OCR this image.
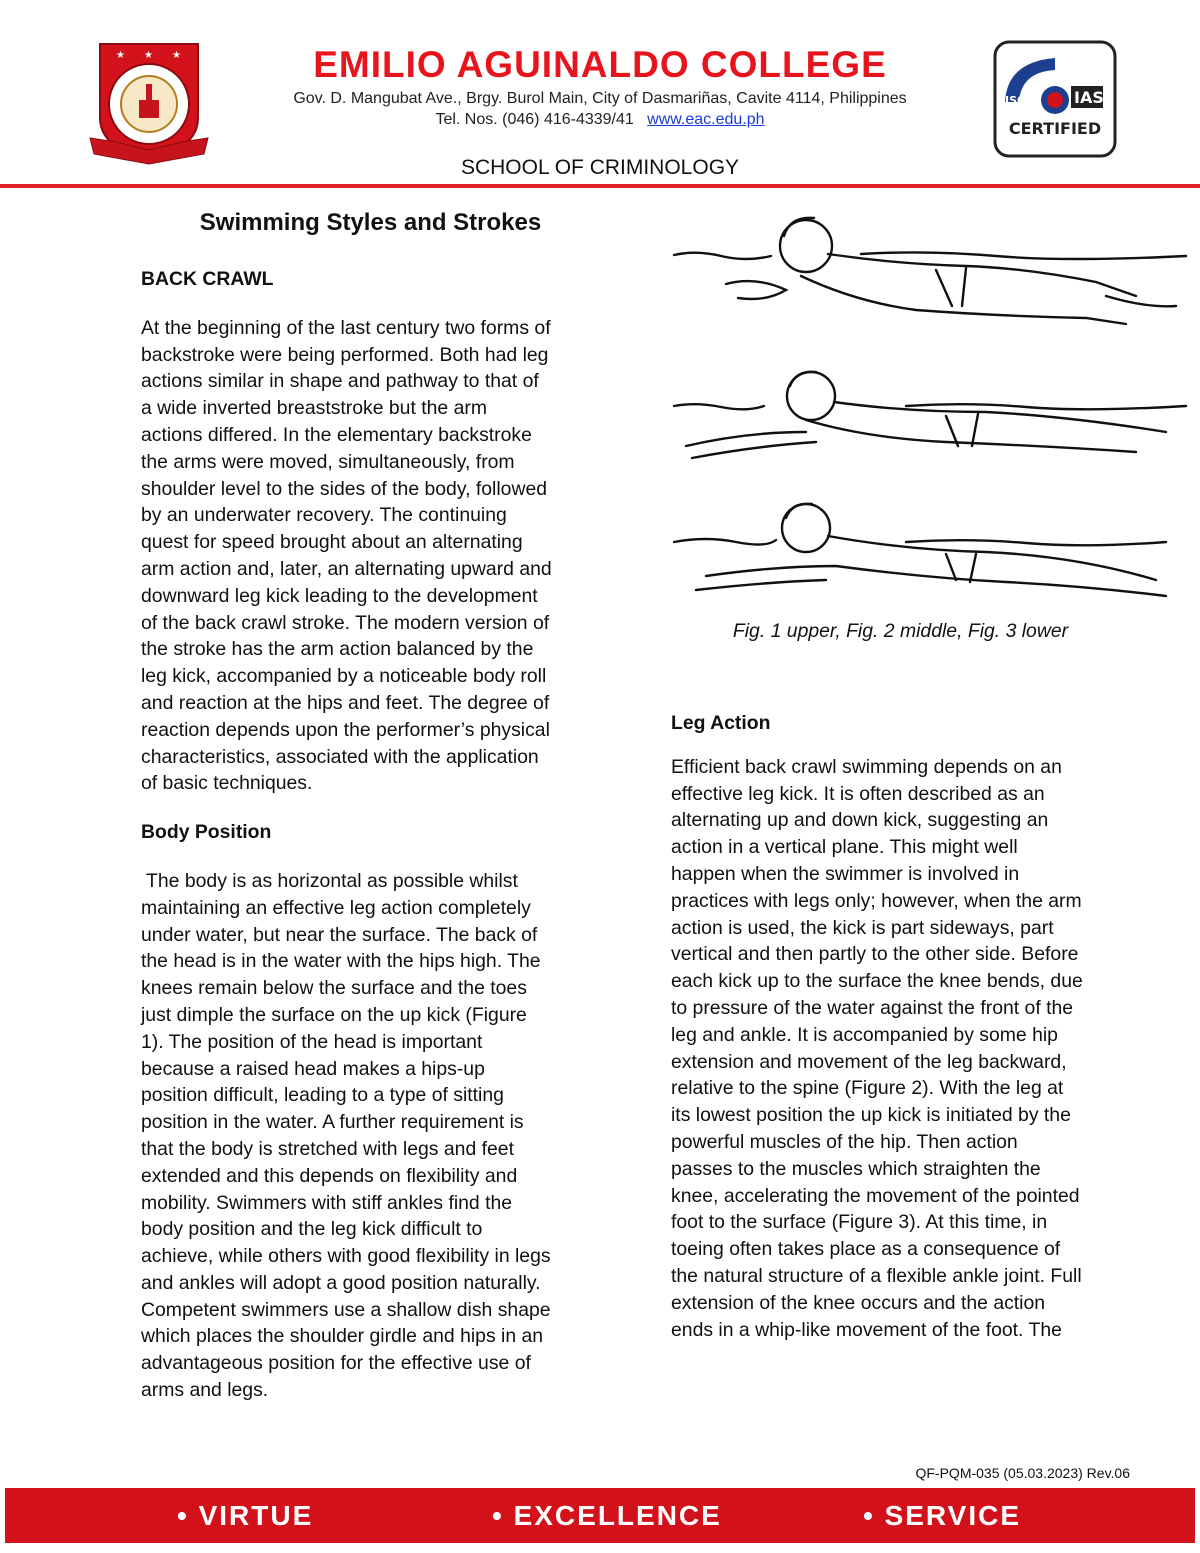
★ ★ ★	EMILIO AGUINALDO COLLEGE
Gov. D. Mangubat Ave., Brgy. Burol Main, City of Dasmariñas, Cavite 4114, Philippines
Tel. Nos. (046) 416-4339/41 www.eac.edu.ph
ISO	IAS
CERTIFIED
SCHOOL OF CRIMINOLOGY
Swimming Styles and Strokes

BACK CRAWL

At the beginning of the last century two forms of
backstroke were being performed. Both had leg
actions similar in shape and pathway to that of
a wide inverted breaststroke but the arm
actions differed. In the elementary backstroke
the arms were moved, simultaneously, from
shoulder level to the sides of the body, followed
by an underwater recovery. The continuing
quest for speed brought about an alternating
arm action and, later, an alternating upward and
downward leg kick leading to the development
of the back crawl stroke. The modern version of
the stroke has the arm action balanced by the
leg kick, accompanied by a noticeable body roll
and reaction at the hips and feet. The degree of
reaction depends upon the performer’s physical
characteristics, associated with the application
of basic techniques.

Body Position

The body is as horizontal as possible whilst
maintaining an effective leg action completely
under water, but near the surface. The back of
the head is in the water with the hips high. The
knees remain below the surface and the toes
just dimple the surface on the up kick (Figure
1). The position of the head is important
because a raised head makes a hips-up
position difficult, leading to a type of sitting
position in the water. A further requirement is
that the body is stretched with legs and feet
extended and this depends on flexibility and
mobility. Swimmers with stiff ankles find the
body position and the leg kick difficult to
achieve, while others with good flexibility in legs
and ankles will adopt a good position naturally.
Competent swimmers use a shallow dish shape
which places the shoulder girdle and hips in an
advantageous position for the effective use of
arms and legs.
Fig. 1 upper, Fig. 2 middle, Fig. 3 lower

Leg Action

Efficient back crawl swimming depends on an
effective leg kick. It is often described as an
alternating up and down kick, suggesting an
action in a vertical plane. This might well
happen when the swimmer is involved in
practices with legs only; however, when the arm
action is used, the kick is part sideways, part
vertical and then partly to the other side. Before
each kick up to the surface the knee bends, due
to pressure of the water against the front of the
leg and ankle. It is accompanied by some hip
extension and movement of the leg backward,
relative to the spine (Figure 2). With the leg at
its lowest position the up kick is initiated by the
powerful muscles of the hip. Then action
passes to the muscles which straighten the
knee, accelerating the movement of the pointed
foot to the surface (Figure 3). At this time, in
toeing often takes place as a consequence of
the natural structure of a flexible ankle joint. Full
extension of the knee occurs and the action
ends in a whip-like movement of the foot. The
QF-PQM-035 (05.03.2023) Rev.06
• VIRTUE	• EXCELLENCE	• SERVICE
